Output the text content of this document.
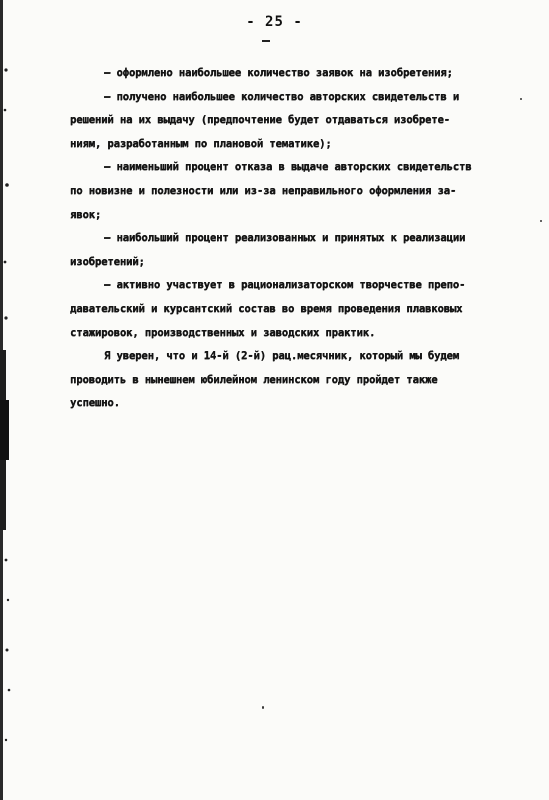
- 25 -
– оформлено наибольшее количество заявок на изобретения;
– получено наибольшее количество авторских свидетельств и
решений на их выдачу (предпочтение будет отдаваться изобрете-
ниям, разработанным по плановой тематике);
– наименьший процент отказа в выдаче авторских свидетельств
по новизне и полезности или из-за неправильного оформления за-
явок;
– наибольший процент реализованных и принятых к реализации
изобретений;
– активно участвует в рационализаторском творчестве препо-
давательский и курсантский состав во время проведения плавковых
стажировок, производственных и заводских практик.
Я уверен, что и 14-й (2-й) рац.месячник, который мы будем
проводить в нынешнем юбилейном ленинском году пройдет также
успешно.
